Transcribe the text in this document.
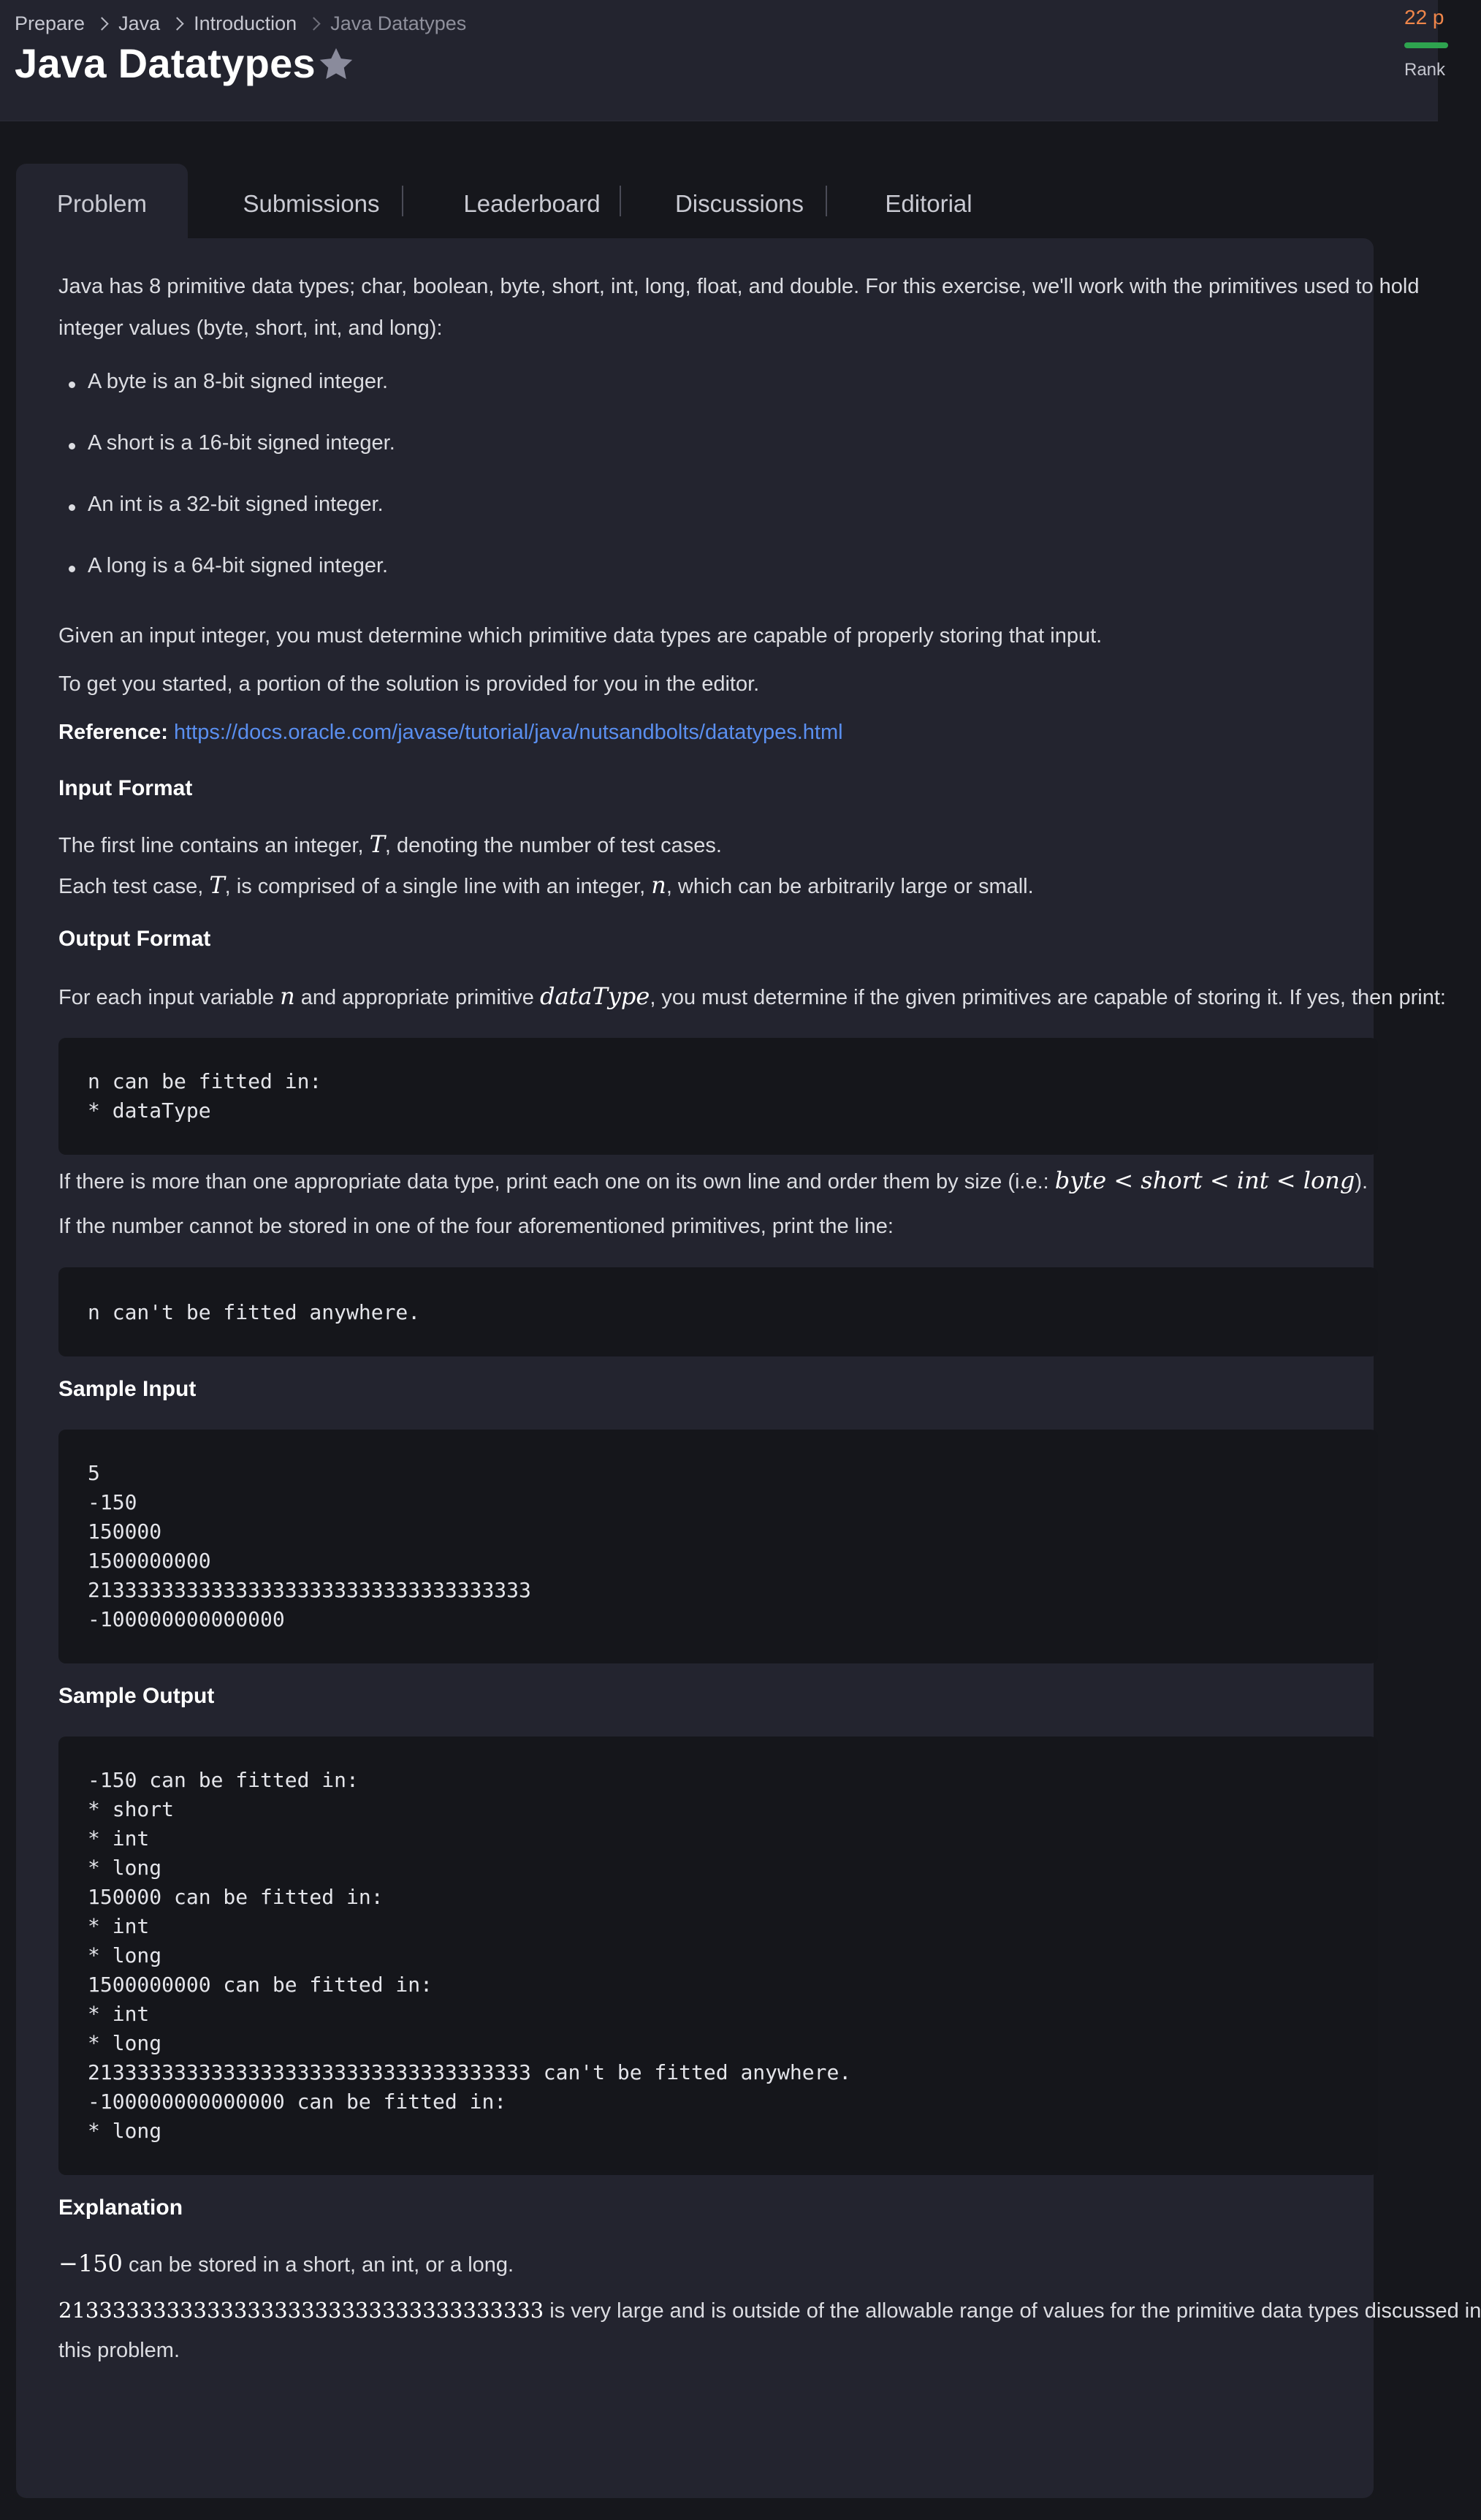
Prepare Java Introduction Java Datatypes
Java Datatypes
22 p
Rank
Problem	Submissions	Leaderboard	Discussions	Editorial
Java has 8 primitive data types; char, boolean, byte, short, int, long, float, and double. For this exercise, we'll work with the primitives used to hold
integer values (byte, short, int, and long):
A byte is an 8-bit signed integer.
A short is a 16-bit signed integer.
An int is a 32-bit signed integer.
A long is a 64-bit signed integer.
Given an input integer, you must determine which primitive data types are capable of properly storing that input.
To get you started, a portion of the solution is provided for you in the editor.
Reference: https://docs.oracle.com/javase/tutorial/java/nutsandbolts/datatypes.html
Input Format
The first line contains an integer, T, denoting the number of test cases.
Each test case, T, is comprised of a single line with an integer, n, which can be arbitrarily large or small.
Output Format
For each input variable n and appropriate primitive dataType, you must determine if the given primitives are capable of storing it. If yes, then print:
n can be fitted in:
* dataType
If there is more than one appropriate data type, print each one on its own line and order them by size (i.e.: byte < short < int < long).
If the number cannot be stored in one of the four aforementioned primitives, print the line:
n can't be fitted anywhere.
Sample Input
5
-150
150000
1500000000
213333333333333333333333333333333333
-100000000000000
Sample Output
-150 can be fitted in:
* short
* int
* long
150000 can be fitted in:
* int
* long
1500000000 can be fitted in:
* int
* long
213333333333333333333333333333333333 can't be fitted anywhere.
-100000000000000 can be fitted in:
* long
Explanation
−150 can be stored in a short, an int, or a long.
213333333333333333333333333333333333 is very large and is outside of the allowable range of values for the primitive data types discussed in
this problem.
